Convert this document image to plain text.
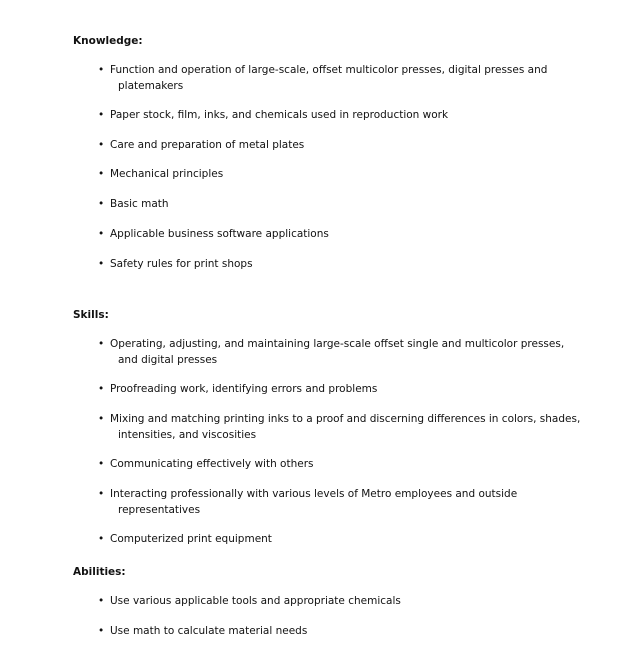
Knowledge:

• Function and operation of large-scale, offset multicolor presses, digital presses and
platemakers
• Paper stock, film, inks, and chemicals used in reproduction work
• Care and preparation of metal plates
• Mechanical principles
• Basic math
• Applicable business software applications
• Safety rules for print shops

Skills:

• Operating, adjusting, and maintaining large-scale offset single and multicolor presses,
and digital presses
• Proofreading work, identifying errors and problems
• Mixing and matching printing inks to a proof and discerning differences in colors, shades,
intensities, and viscosities
• Communicating effectively with others
• Interacting professionally with various levels of Metro employees and outside
representatives
• Computerized print equipment

Abilities:

• Use various applicable tools and appropriate chemicals
• Use math to calculate material needs
